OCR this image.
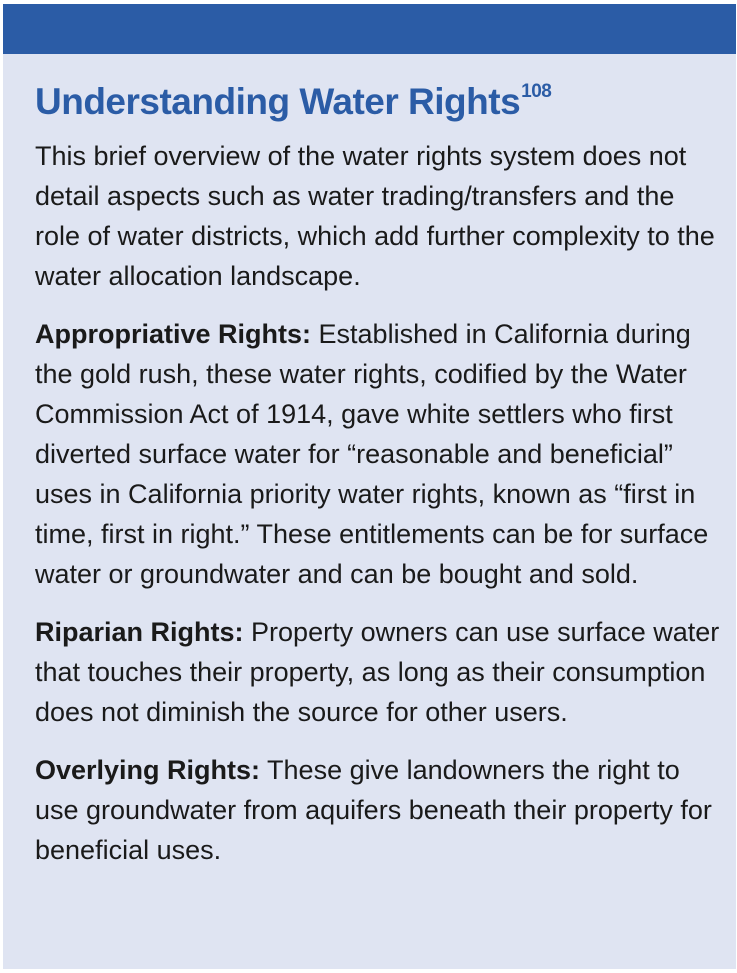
Understanding Water Rights$^{108}$

This brief overview of the water rights system does not detail aspects such as water trading/transfers and the role of water districts, which add further complexity to the water allocation landscape.

Appropriative Rights: Established in California during the gold rush, these water rights, codified by the Water Commission Act of 1914, gave white settlers who first diverted surface water for “reasonable and beneficial” uses in California priority water rights, known as “first in time, first in right.” These entitlements can be for surface water or groundwater and can be bought and sold.

Riparian Rights: Property owners can use surface water that touches their property, as long as their consumption does not diminish the source for other users.

Overlying Rights: These give landowners the right to use groundwater from aquifers beneath their property for beneficial uses.
